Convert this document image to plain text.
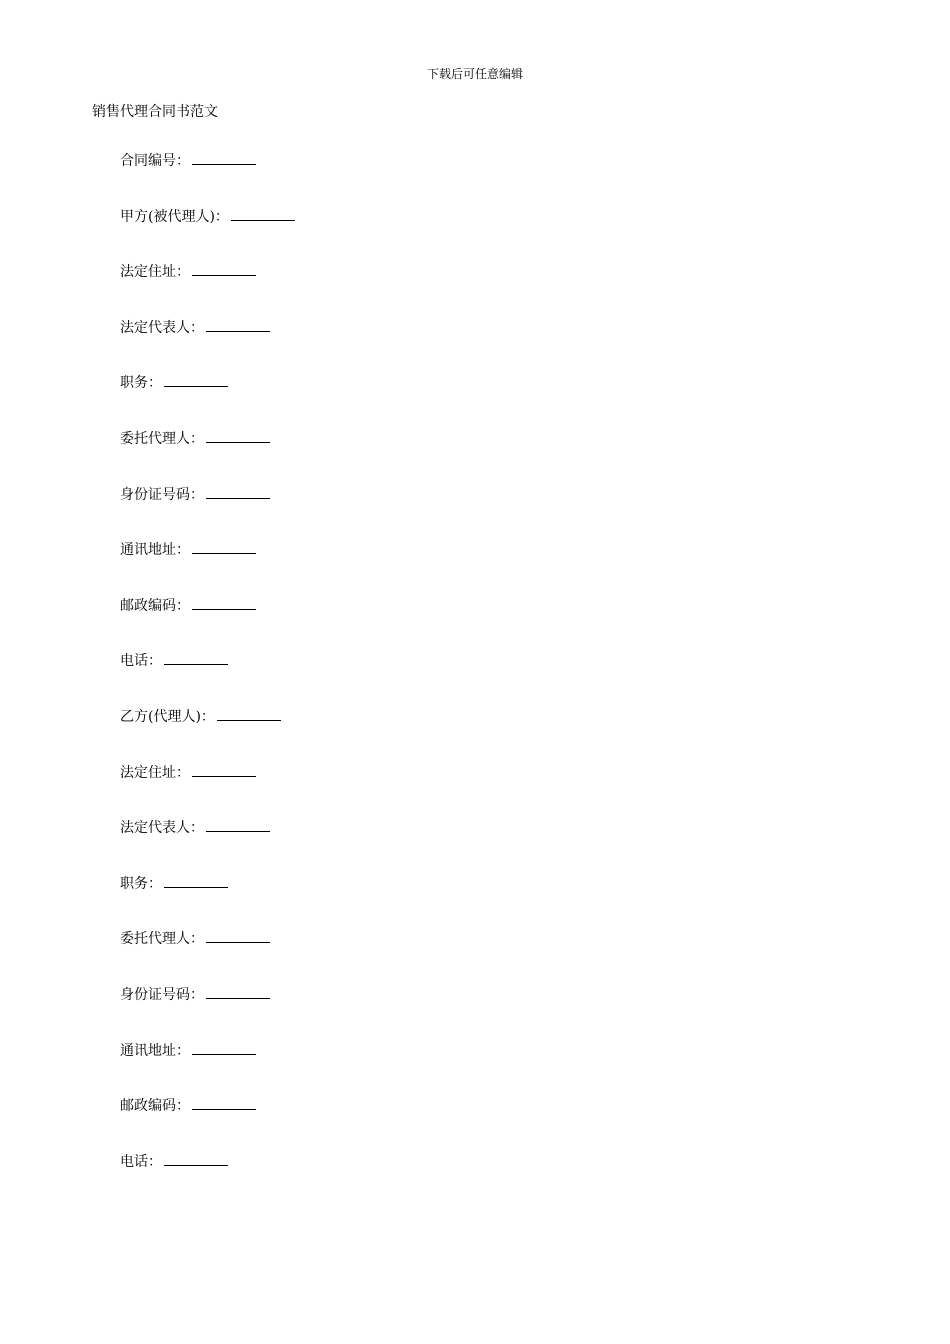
下载后可任意编辑
销售代理合同书范文
合同编号：
甲方(被代理人)：
法定住址：
法定代表人：
职务：
委托代理人：
身份证号码：
通讯地址：
邮政编码：
电话：
乙方(代理人)：
法定住址：
法定代表人：
职务：
委托代理人：
身份证号码：
通讯地址：
邮政编码：
电话：
